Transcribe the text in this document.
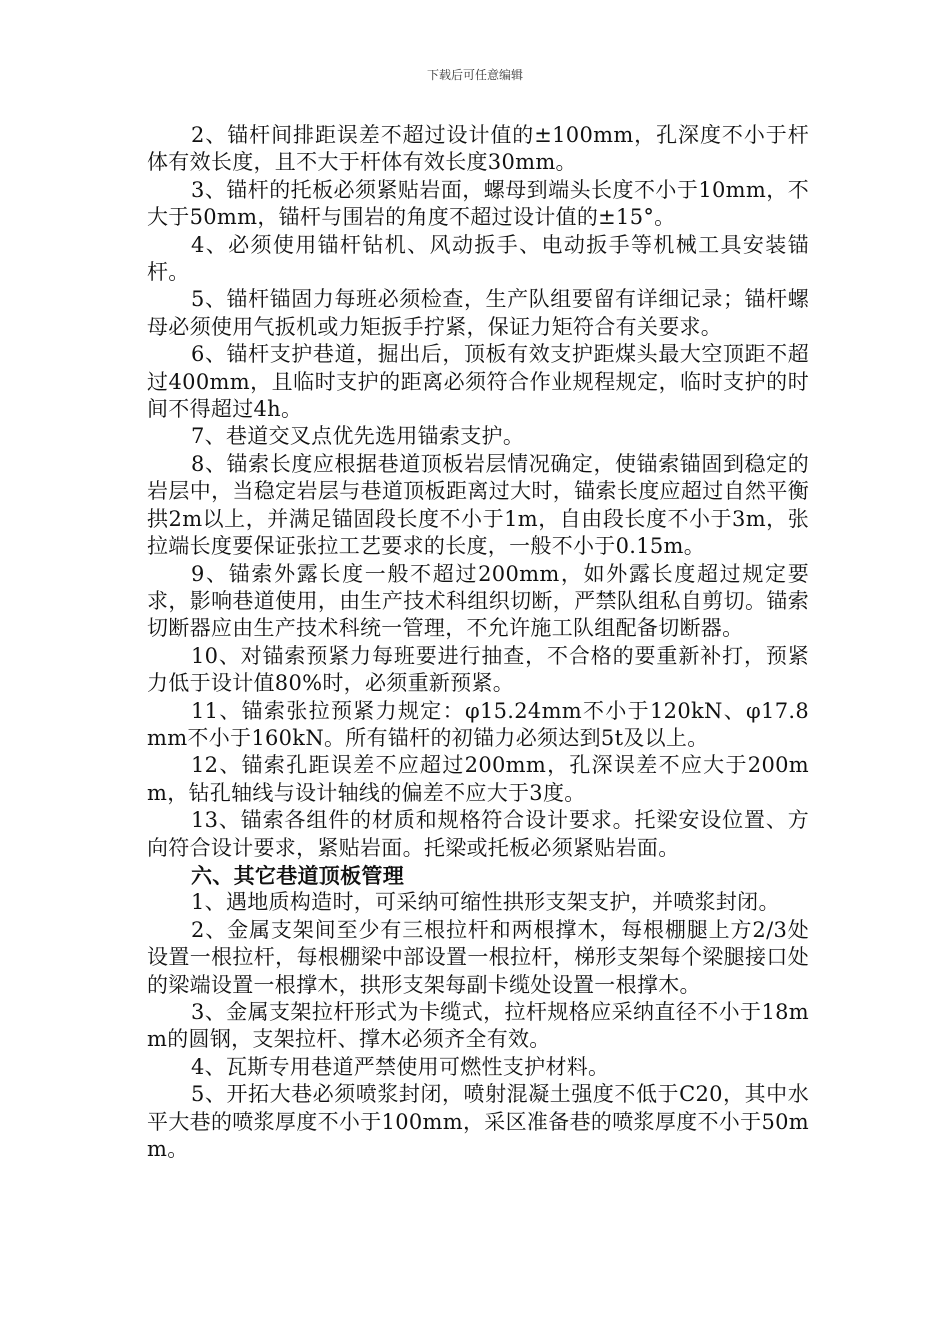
下载后可任意编辑

2、锚杆间排距误差不超过设计值的±100mm，孔深度不小于杆体有效长度，且不大于杆体有效长度30mm。

3、锚杆的托板必须紧贴岩面，螺母到端头长度不小于10mm，不大于50mm，锚杆与围岩的角度不超过设计值的±15°。

4、必须使用锚杆钻机、风动扳手、电动扳手等机械工具安装锚杆。

5、锚杆锚固力每班必须检查，生产队组要留有详细记录；锚杆螺母必须使用气扳机或力矩扳手拧紧，保证力矩符合有关要求。

6、锚杆支护巷道，掘出后，顶板有效支护距煤头最大空顶距不超过400mm，且临时支护的距离必须符合作业规程规定，临时支护的时间不得超过4h。

7、巷道交叉点优先选用锚索支护。

8、锚索长度应根据巷道顶板岩层情况确定，使锚索锚固到稳定的岩层中，当稳定岩层与巷道顶板距离过大时，锚索长度应超过自然平衡拱2m以上，并满足锚固段长度不小于1m，自由段长度不小于3m，张拉端长度要保证张拉工艺要求的长度，一般不小于0.15m。

9、锚索外露长度一般不超过200mm，如外露长度超过规定要求，影响巷道使用，由生产技术科组织切断，严禁队组私自剪切。锚索切断器应由生产技术科统一管理，不允许施工队组配备切断器。

10、对锚索预紧力每班要进行抽查，不合格的要重新补打，预紧力低于设计值80%时，必须重新预紧。

11、锚索张拉预紧力规定：φ15.24mm不小于120kN、φ17.8mm不小于160kN。所有锚杆的初锚力必须达到5t及以上。

12、锚索孔距误差不应超过200mm，孔深误差不应大于200mm，钻孔轴线与设计轴线的偏差不应大于3度。

13、锚索各组件的材质和规格符合设计要求。托梁安设位置、方向符合设计要求，紧贴岩面。托梁或托板必须紧贴岩面。

六、其它巷道顶板管理

1、遇地质构造时，可采纳可缩性拱形支架支护，并喷浆封闭。

2、金属支架间至少有三根拉杆和两根撑木，每根棚腿上方2/3处设置一根拉杆，每根棚梁中部设置一根拉杆，梯形支架每个梁腿接口处的梁端设置一根撑木，拱形支架每副卡缆处设置一根撑木。

3、金属支架拉杆形式为卡缆式，拉杆规格应采纳直径不小于18mm的圆钢，支架拉杆、撑木必须齐全有效。

4、瓦斯专用巷道严禁使用可燃性支护材料。

5、开拓大巷必须喷浆封闭，喷射混凝土强度不低于C20，其中水平大巷的喷浆厚度不小于100mm，采区准备巷的喷浆厚度不小于50mm。
